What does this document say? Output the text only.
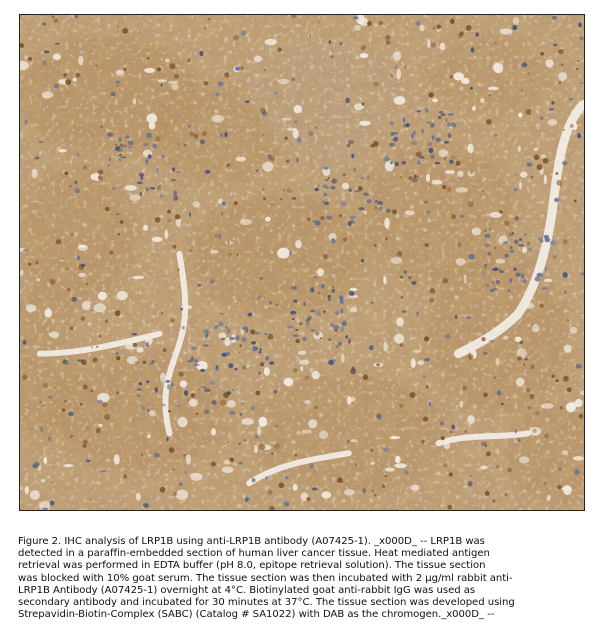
Figure 2. IHC analysis of LRP1B using anti-LRP1B antibody (A07425-1). _x000D_ -- LRP1B was
detected in a paraffin-embedded section of human liver cancer tissue. Heat mediated antigen
retrieval was performed in EDTA buffer (pH 8.0, epitope retrieval solution). The tissue section
was blocked with 10% goat serum. The tissue section was then incubated with 2 μg/ml rabbit anti-
LRP1B Antibody (A07425-1) overnight at 4°C. Biotinylated goat anti-rabbit IgG was used as
secondary antibody and incubated for 30 minutes at 37°C. The tissue section was developed using
Strepavidin-Biotin-Complex (SABC) (Catalog # SA1022) with DAB as the chromogen._x000D_ --
